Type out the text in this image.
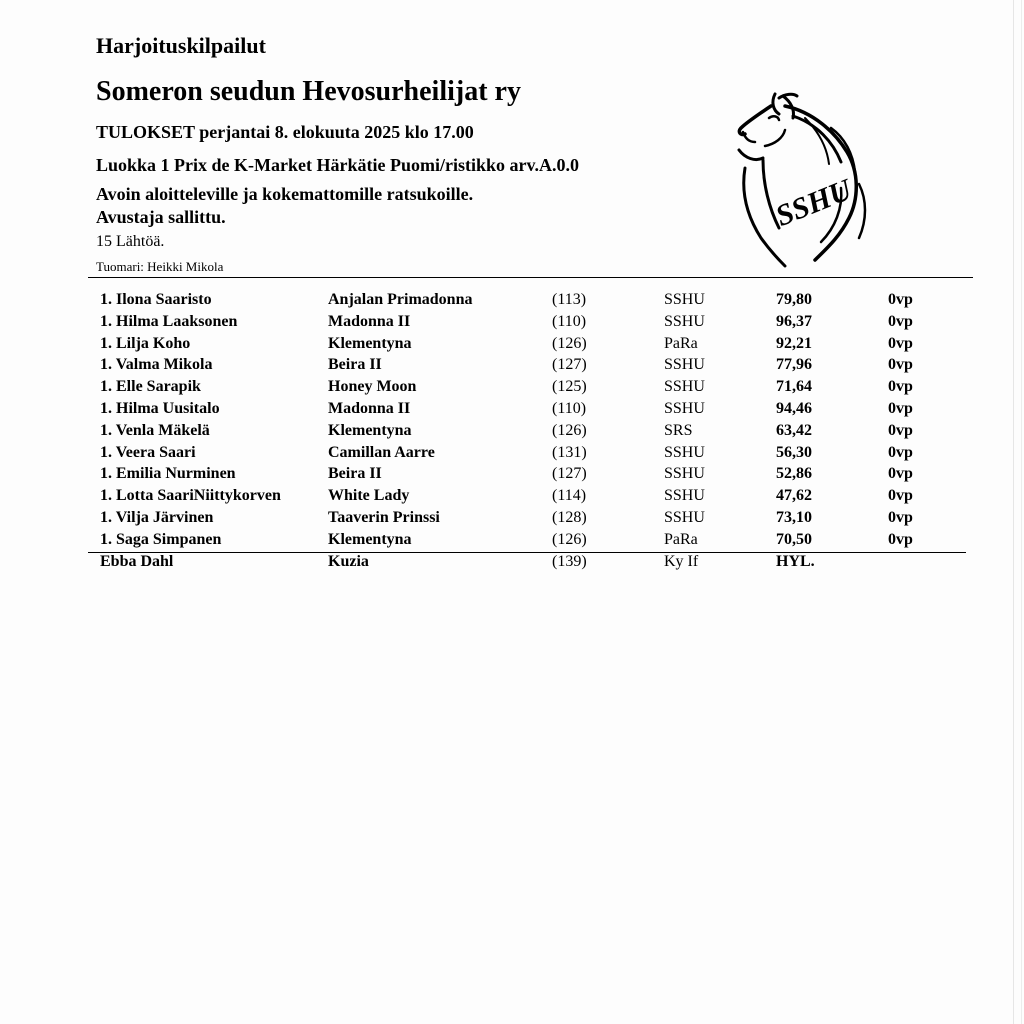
Harjoituskilpailut
Someron seudun Hevosurheilijat ry
TULOKSET perjantai 8. elokuuta 2025 klo 17.00
Luokka 1 Prix de K-Market Härkätie Puomi/ristikko arv.A.0.0
Avoin aloitteleville ja kokemattomille ratsukoille.
Avustaja sallittu.
15 Lähtöä.
Tuomari: Heikki Mikola
SSHU
1. Ilona Saaristo	Anjalan Primadonna	(113)	SSHU	79,80	0vp
1. Hilma Laaksonen	Madonna II	(110)	SSHU	96,37	0vp
1. Lilja Koho	Klementyna	(126)	PaRa	92,21	0vp
1. Valma Mikola	Beira II	(127)	SSHU	77,96	0vp
1. Elle Sarapik	Honey Moon	(125)	SSHU	71,64	0vp
1. Hilma Uusitalo	Madonna II	(110)	SSHU	94,46	0vp
1. Venla Mäkelä	Klementyna	(126)	SRS	63,42	0vp
1. Veera Saari	Camillan Aarre	(131)	SSHU	56,30	0vp
1. Emilia Nurminen	Beira II	(127)	SSHU	52,86	0vp
1. Lotta SaariNiittykorven	White Lady	(114)	SSHU	47,62	0vp
1. Vilja Järvinen	Taaverin Prinssi	(128)	SSHU	73,10	0vp
1. Saga Simpanen	Klementyna	(126)	PaRa	70,50	0vp
Ebba Dahl	Kuzia	(139)	Ky If	HYL.	
